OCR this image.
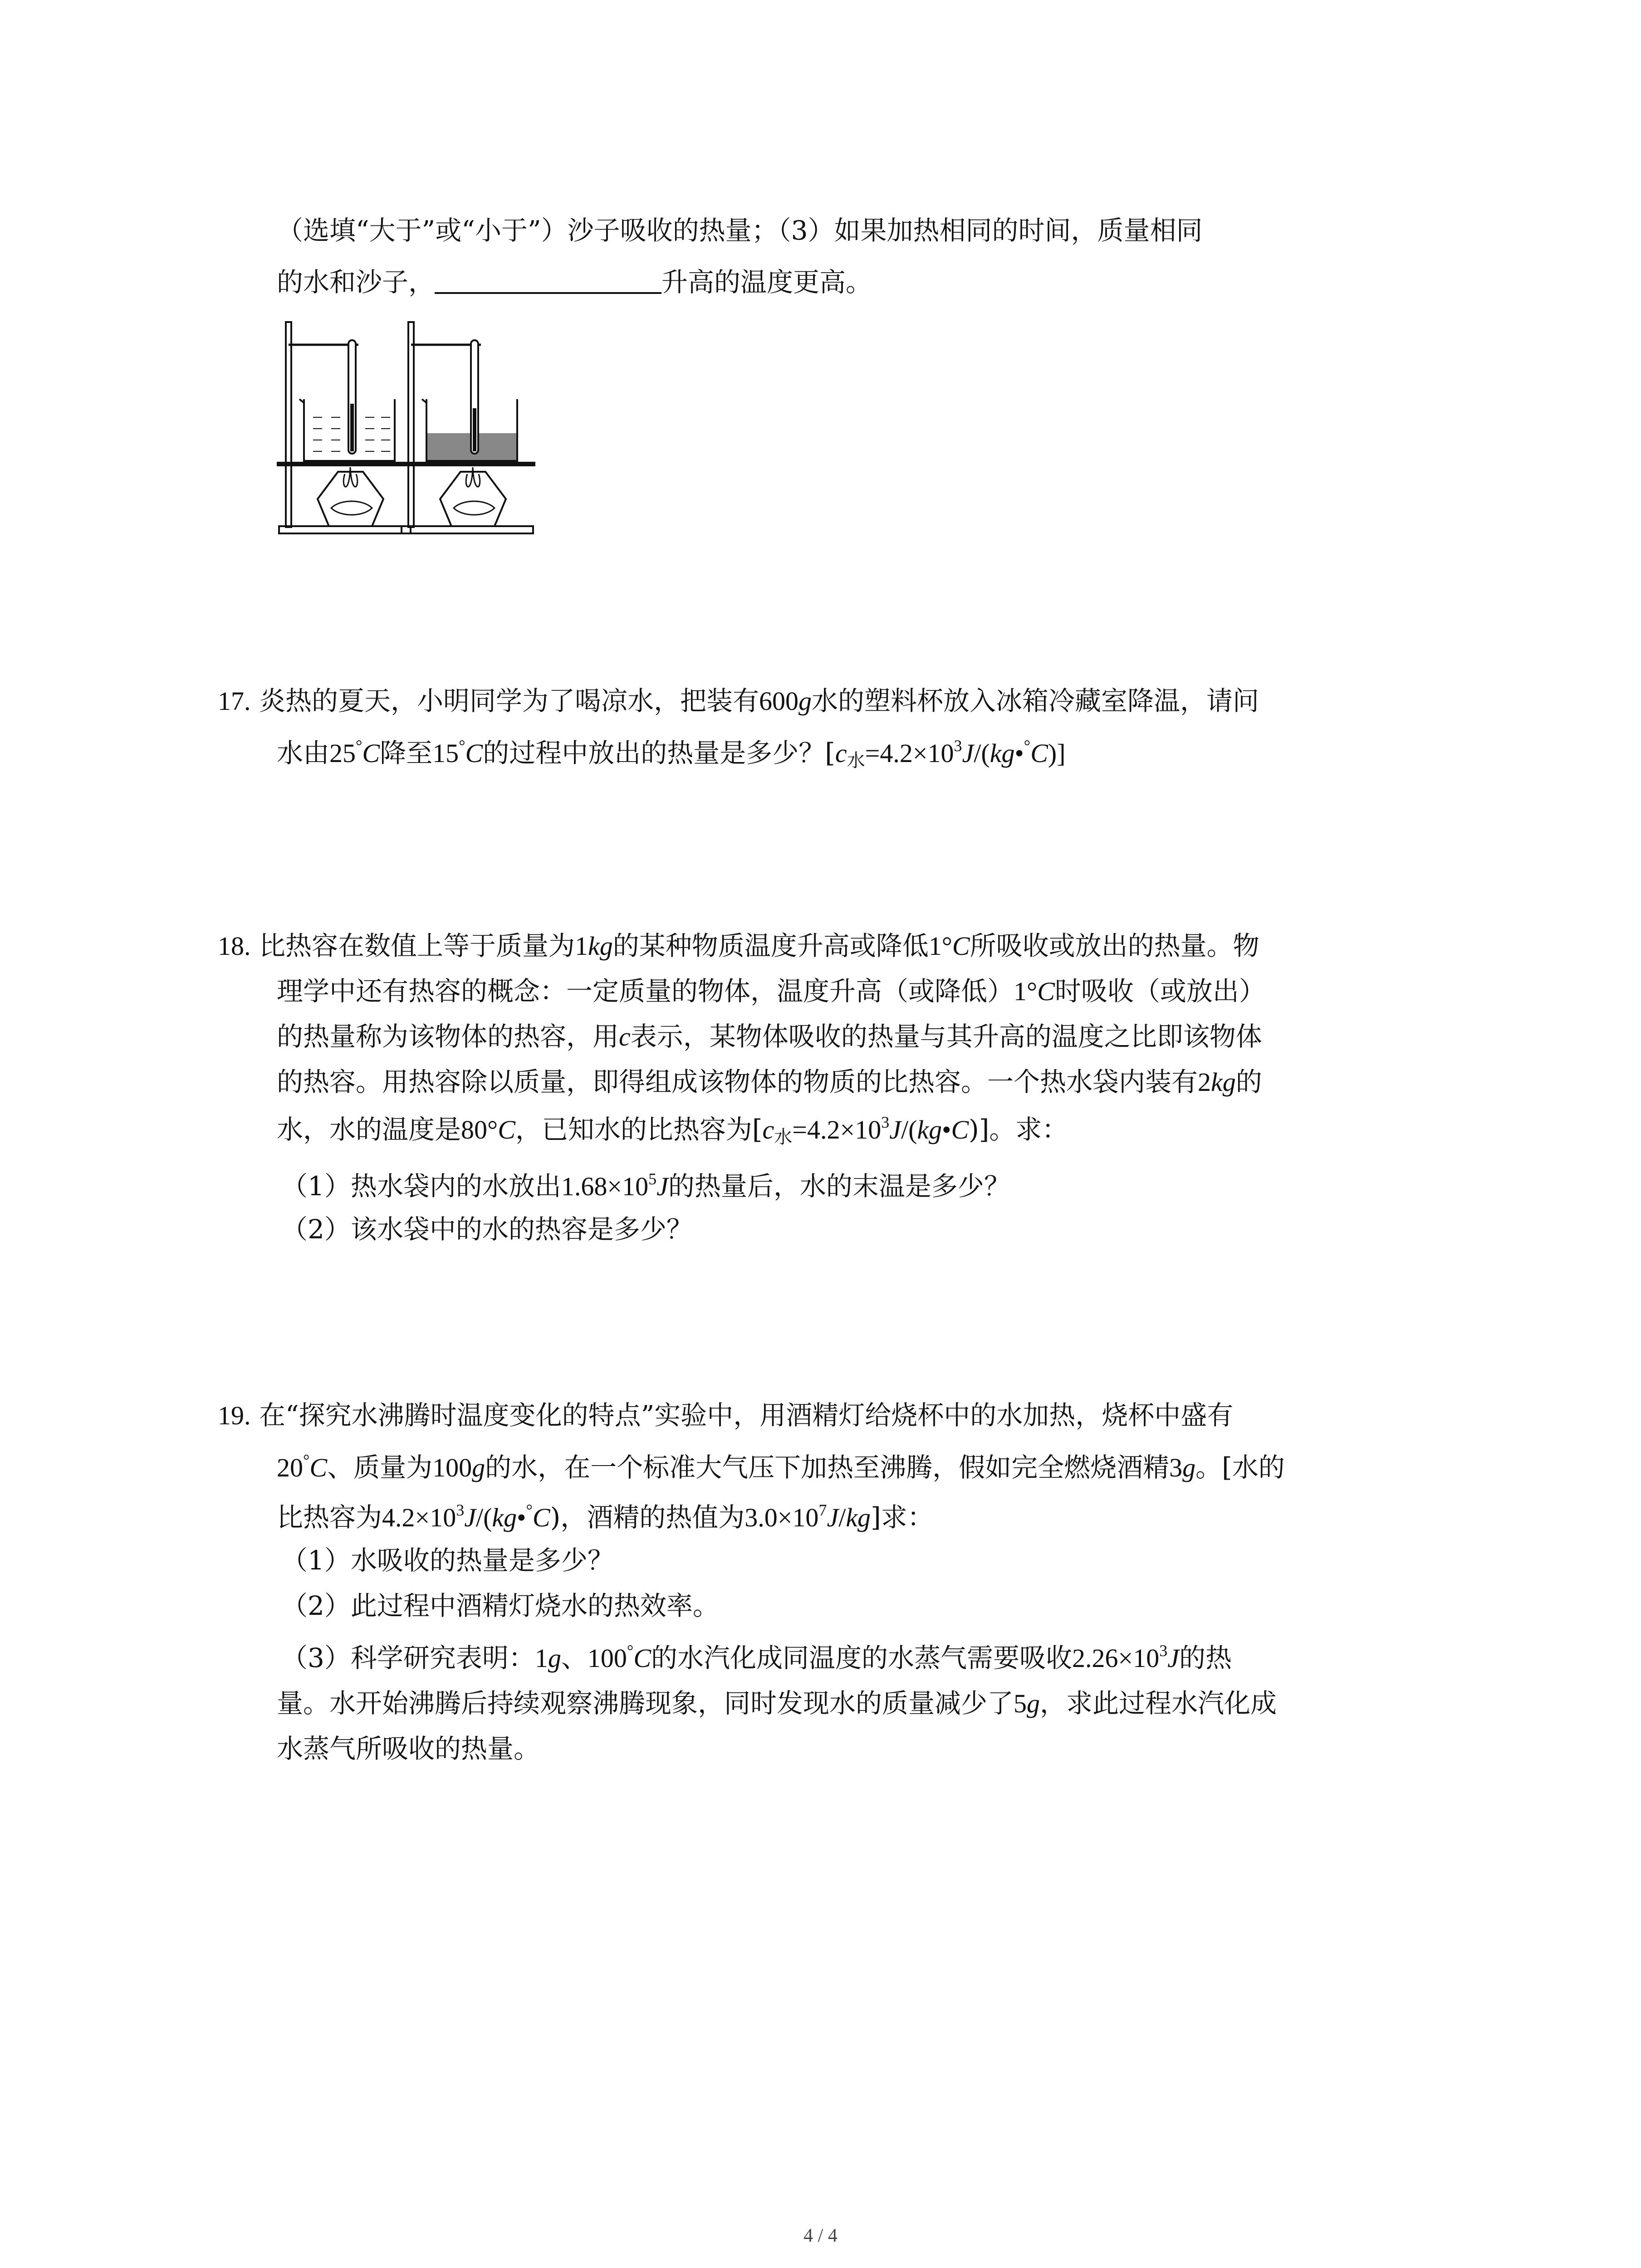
（选填“大于”或“小于”）沙子吸收的热量；（3）如果加热相同的时间，质量相同
的水和沙子，	升高的温度更高。
17. 炎热的夏天，小明同学为了喝凉水，把装有600g水的塑料杯放入冰箱冷藏室降温，请问
水由25°C降至15°C的过程中放出的热量是多少？[c水$=4.2\times 10^3J/(kg•^\circ C)$]
18. 比热容在数值上等于质量为1kg的某种物质温度升高或降低1°C所吸收或放出的热量。物
理学中还有热容的概念：一定质量的物体，温度升高（或降低）1°C时吸收（或放出）
的热量称为该物体的热容，用c表示，某物体吸收的热量与其升高的温度之比即该物体
的热容。用热容除以质量，即得组成该物体的物质的比热容。一个热水袋内装有2kg的
水，水的温度是80°C，已知水的比热容为[c水$=4.2\times 10^3J/(kg•C)$]。求：
（1）热水袋内的水放出$1.68\times 10^5J$的热量后，水的末温是多少？
（2）该水袋中的水的热容是多少？
19. 在“探究水沸腾时温度变化的特点”实验中，用酒精灯给烧杯中的水加热，烧杯中盛有
20°C、质量为100g的水，在一个标准大气压下加热至沸腾，假如完全燃烧酒精3g。[水的
比热容为$4.2\times 10^3J/(kg•^\circ C)$，酒精的热值为$3.0\times 10^7J/kg$]求：
（1）水吸收的热量是多少？
（2）此过程中酒精灯烧水的热效率。
（3）科学研究表明：1g、100°C的水汽化成同温度的水蒸气需要吸收$2.26\times 10^3J$的热
量。水开始沸腾后持续观察沸腾现象，同时发现水的质量减少了5g，求此过程水汽化成
水蒸气所吸收的热量。
4 / 4
